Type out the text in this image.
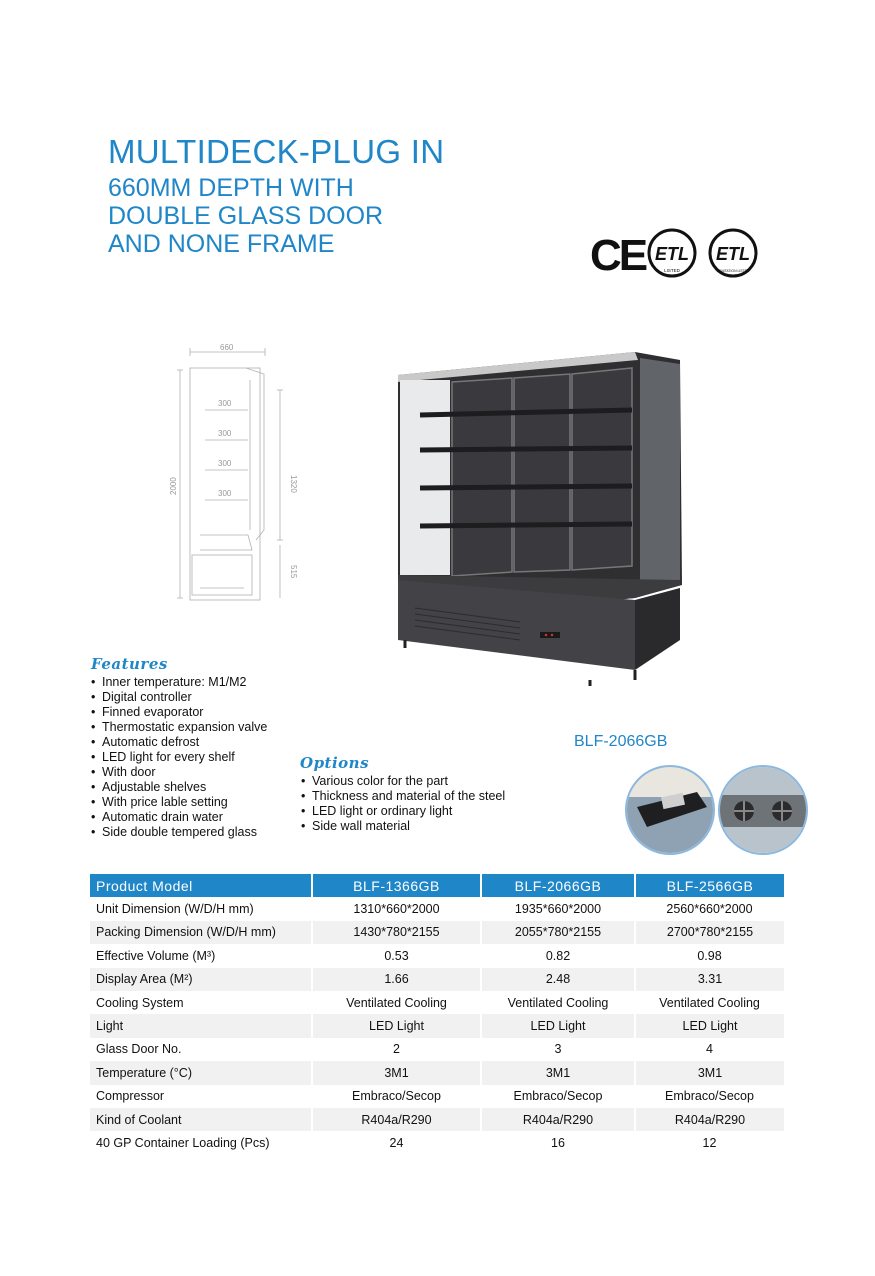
MULTIDECK-PLUG IN
660MM DEPTH WITH
DOUBLE GLASS DOOR
AND NONE FRAME	CE ETL
LISTED
ETL
SANITATION LISTED
660
300
300
300
300
2000	1320
515
BLF-2066GB
Features
• Inner temperature: M1/M2
• Digital controller
• Finned evaporator
• Thermostatic expansion valve
• Automatic defrost
• LED light for every shelf
• With door
• Adjustable shelves
• With price lable setting
• Automatic drain water
• Side double tempered glass
Options
• Various color for the part
• Thickness and material of the steel
• LED light or ordinary light
• Side wall material
Product Model	BLF-1366GB	BLF-2066GB	BLF-2566GB
Unit Dimension (W/D/H mm)	1310*660*2000	1935*660*2000	2560*660*2000
Packing Dimension (W/D/H mm)	1430*780*2155	2055*780*2155	2700*780*2155
Effective Volume (M³)	0.53	0.82	0.98
Display Area (M²)	1.66	2.48	3.31
Cooling System	Ventilated Cooling	Ventilated Cooling	Ventilated Cooling
Light	LED Light	LED Light	LED Light
Glass Door No.	2	3	4
Temperature (°C)	3M1	3M1	3M1
Compressor	Embraco/Secop	Embraco/Secop	Embraco/Secop
Kind of Coolant	R404a/R290	R404a/R290	R404a/R290
40 GP Container Loading (Pcs)	24	16	12
